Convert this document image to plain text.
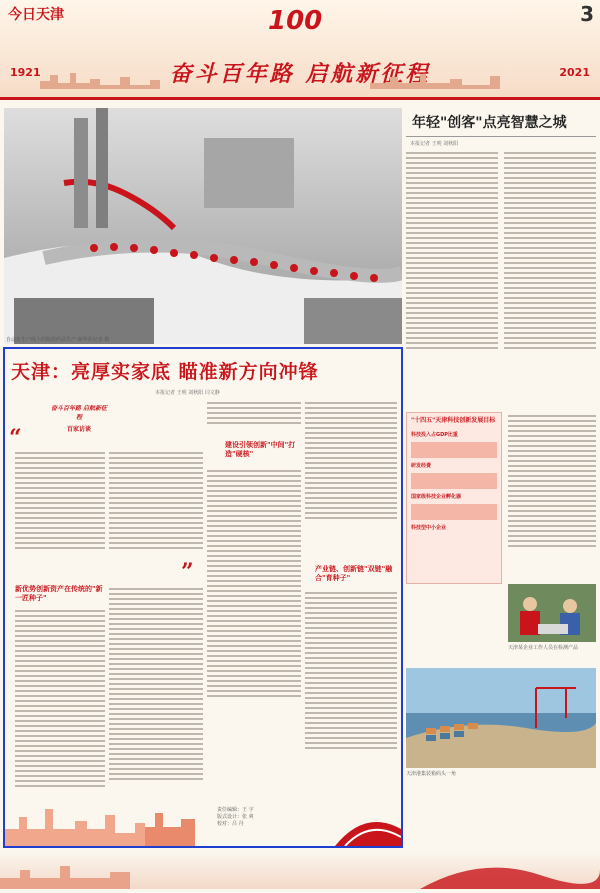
今日天津	3
100
1921	2021
奋斗百年路 启航新征程
自动化生产线上的瓶装药品生产 新华社记者 摄
年轻"创客"点亮智慧之城
本报记者 王明 刘秋阳
"十四五"天津科技创新发展目标
科技投入占GDP比重
研发经费
国家级科技企业孵化器
科技型中小企业
天津某企业工作人员在检测产品
天津港集装箱码头一角
天津：亮厚实家底 瞄准新方向冲锋
本报记者 王明 刘秋阳 闫文静
奋斗百年路 启航新征程
百家访谈
“
”
新优势创新资产在传统的"新一匠种子"
建设引领创新"中间"打造"硬核"
产业链、创新链"双链"融合"育种子"
责任编辑：王 宇
版式设计：张 爽
校对：吕 丹
